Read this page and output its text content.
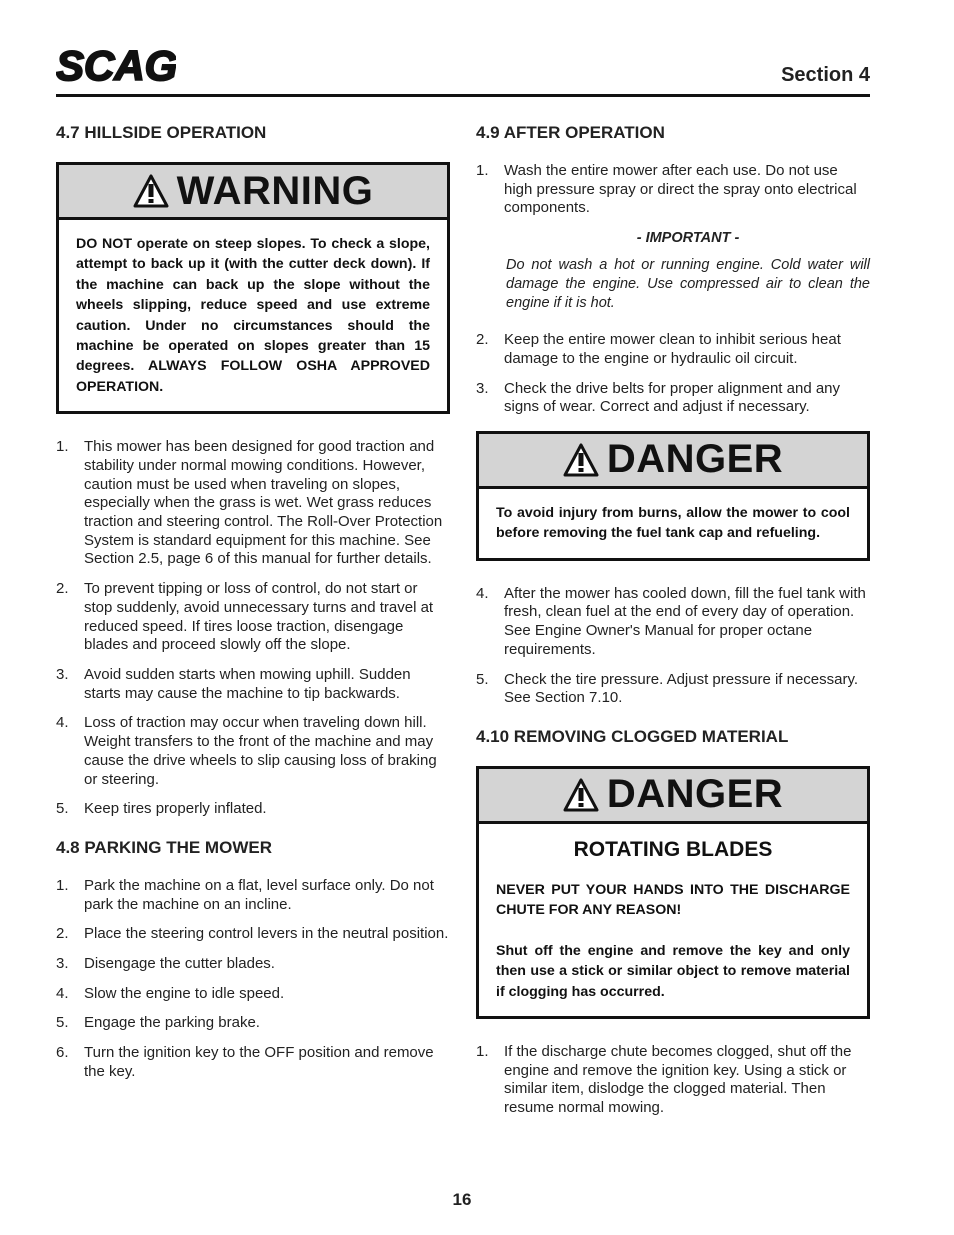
SCAG	Section 4
4.7 HILLSIDE OPERATION
WARNING

DO NOT operate on steep slopes. To check a slope, attempt to back up it (with the cutter deck down). If the machine can back up the slope without the wheels slipping, reduce speed and use extreme caution. Under no circumstances should the machine be operated on slopes greater than 15 degrees. ALWAYS FOLLOW OSHA APPROVED OPERATION.

1.	This mower has been designed for good traction and stability under normal mowing conditions. However, caution must be used when traveling on slopes, especially when the grass is wet. Wet grass reduces traction and steering control. The Roll-Over Protection System is standard equipment for this machine. See Section 2.5, page 6 of this manual for further details.
2.	To prevent tipping or loss of control, do not start or stop suddenly, avoid unnecessary turns and travel at reduced speed. If tires loose traction, disengage blades and proceed slowly off the slope.
3.	Avoid sudden starts when mowing uphill. Sudden starts may cause the machine to tip backwards.
4.	Loss of traction may occur when traveling down hill. Weight transfers to the front of the machine and may cause the drive wheels to slip causing loss of braking or steering.
5.	Keep tires properly inflated.
4.8 PARKING THE MOWER
1.	Park the machine on a flat, level surface only. Do not park the machine on an incline.
2.	Place the steering control levers in the neutral position.
3.	Disengage the cutter blades.
4.	Slow the engine to idle speed.
5.	Engage the parking brake.
6.	Turn the ignition key to the OFF position and remove the key.
4.9 AFTER OPERATION
1.	Wash the entire mower after each use. Do not use high pressure spray or direct the spray onto electrical components.
- IMPORTANT -
Do not wash a hot or running engine. Cold water will damage the engine. Use compressed air to clean the engine if it is hot.
2.	Keep the entire mower clean to inhibit serious heat damage to the engine or hydraulic oil circuit.
3.	Check the drive belts for proper alignment and any signs of wear. Correct and adjust if necessary.
DANGER

To avoid injury from burns, allow the mower to cool before removing the fuel tank cap and refueling.

4.	After the mower has cooled down, fill the fuel tank with fresh, clean fuel at the end of every day of operation. See Engine Owner's Manual for proper octane requirements.
5.	Check the tire pressure. Adjust pressure if necessary. See Section 7.10.
4.10 REMOVING CLOGGED MATERIAL
DANGER

ROTATING BLADES

NEVER PUT YOUR HANDS INTO THE DISCHARGE CHUTE FOR ANY REASON!

Shut off the engine and remove the key and only then use a stick or similar object to remove material if clogging has occurred.

1.	If the discharge chute becomes clogged, shut off the engine and remove the ignition key. Using a stick or similar item, dislodge the clogged material. Then resume normal mowing.
16
